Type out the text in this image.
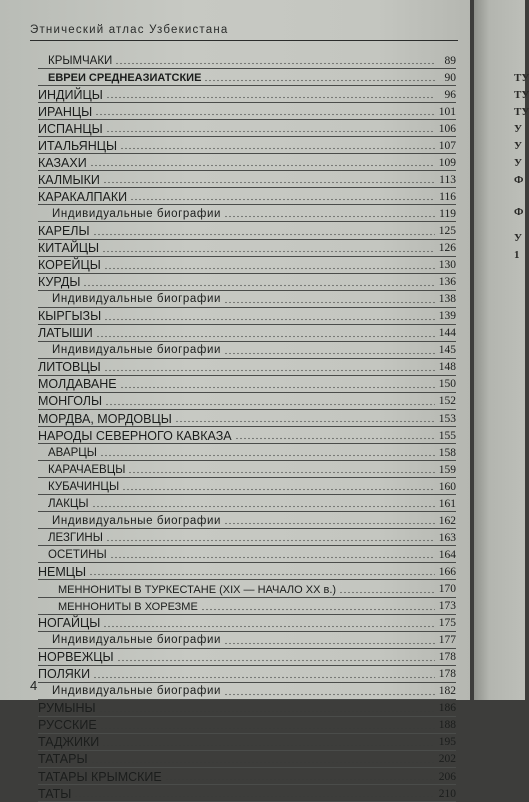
Этнический атлас Узбекистана
КРЫМЧАКИ	89
ЕВРЕИ СРЕДНЕАЗИАТСКИЕ	90
ИНДИЙЦЫ	96
ИРАНЦЫ	101
ИСПАНЦЫ	106
ИТАЛЬЯНЦЫ	107
КАЗАХИ	109
КАЛМЫКИ	113
КАРАКАЛПАКИ	116
Индивидуальные биографии	119
КАРЕЛЫ	125
КИТАЙЦЫ	126
КОРЕЙЦЫ	130
КУРДЫ	136
Индивидуальные биографии	138
КЫРГЫЗЫ	139
ЛАТЫШИ	144
Индивидуальные биографии	145
ЛИТОВЦЫ	148
МОЛДАВАНЕ	150
МОНГОЛЫ	152
МОРДВА, МОРДОВЦЫ	153
НАРОДЫ СЕВЕРНОГО КАВКАЗА	155
АВАРЦЫ	158
КАРАЧАЕВЦЫ	159
КУБАЧИНЦЫ	160
ЛАКЦЫ	161
Индивидуальные биографии	162
ЛЕЗГИНЫ	163
ОСЕТИНЫ	164
НЕМЦЫ	166
МЕННОНИТЫ В ТУРКЕСТАНЕ (XIX — НАЧАЛО XX в.)	170
МЕННОНИТЫ В ХОРЕЗМЕ	173
НОГАЙЦЫ	175
Индивидуальные биографии	177
НОРВЕЖЦЫ	178
ПОЛЯКИ	178
Индивидуальные биографии	182
РУМЫНЫ	186
РУССКИЕ	188
ТАДЖИКИ	195
ТАТАРЫ	202
ТАТАРЫ КРЫМСКИЕ	206
ТАТЫ	210
4
ТУ
ТУ
ТУ
У
У
У
Ф
Ф
У
1
